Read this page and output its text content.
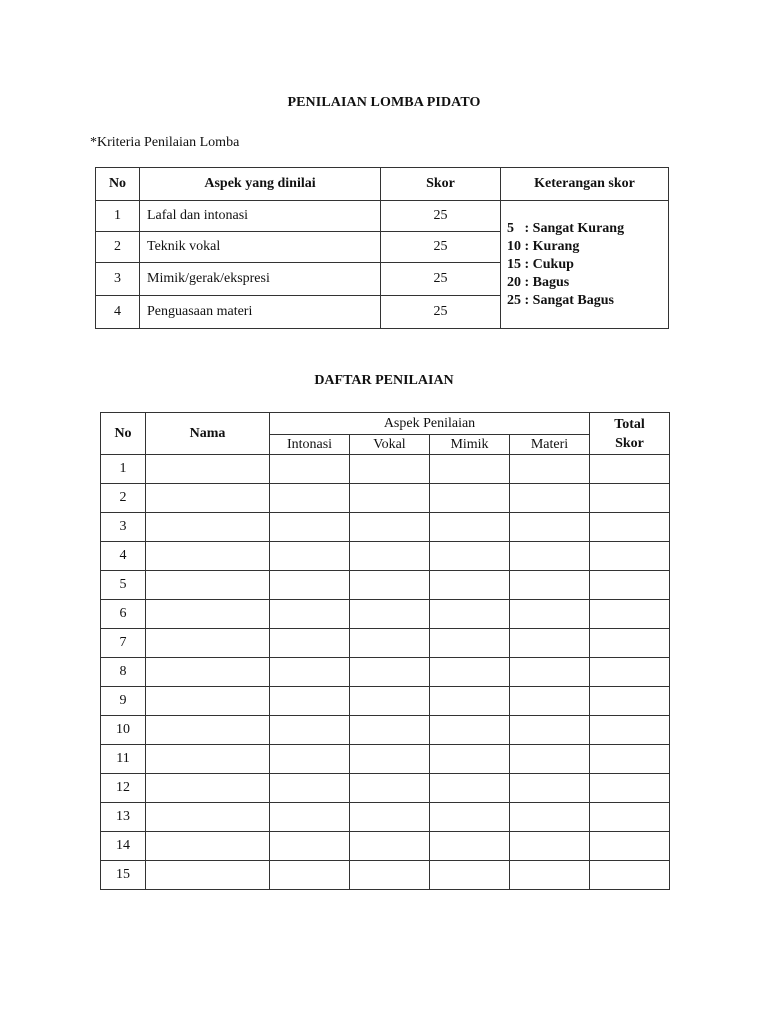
PENILAIAN LOMBA PIDATO
*Kriteria Penilaian Lomba
No	Aspek yang dinilai	Skor	Keterangan skor
1	Lafal dan intonasi	25	5   : Sangat Kurang
10 : Kurang
15 : Cukup
20 : Bagus
25 : Sangat Bagus

2	Teknik vokal	25	
3	Mimik/gerak/ekspresi	25	
4	Penguasaan materi	25	
DAFTAR PENILAIAN
No	Nama	Aspek Penilaian				Total Skor
		Intonasi	Vokal	Mimik	Materi	
1						
2						
3						
4						
5						
6						
7						
8						
9						
10						
11						
12						
13						
14						
15						
